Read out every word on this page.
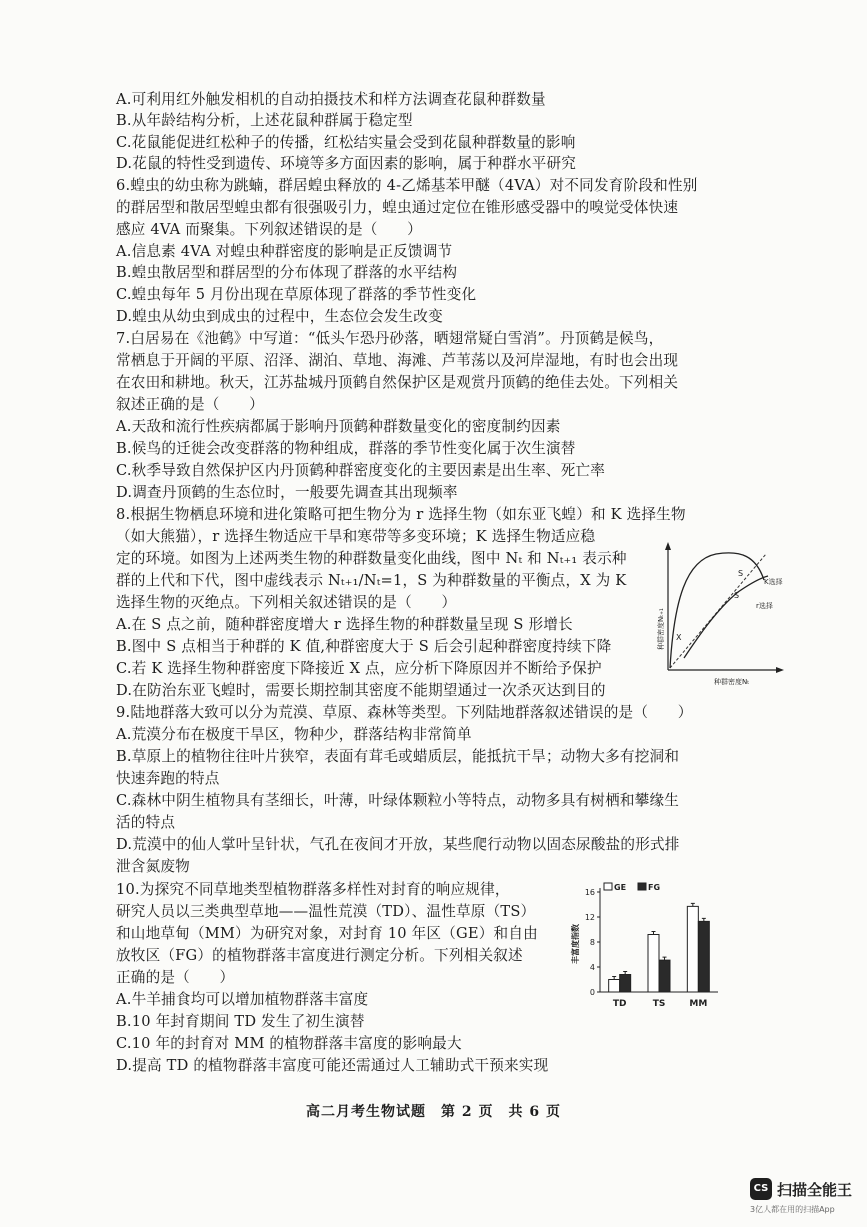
A.可利用红外触发相机的自动拍摄技术和样方法调查花鼠种群数量
B.从年龄结构分析，上述花鼠种群属于稳定型
C.花鼠能促进红松种子的传播，红松结实量会受到花鼠种群数量的影响
D.花鼠的特性受到遗传、环境等多方面因素的影响，属于种群水平研究
6.蝗虫的幼虫称为跳蝻，群居蝗虫释放的 4-乙烯基苯甲醚（4VA）对不同发育阶段和性别
的群居型和散居型蝗虫都有很强吸引力，蝗虫通过定位在锥形感受器中的嗅觉受体快速
感应 4VA 而聚集。下列叙述错误的是（　　）
A.信息素 4VA 对蝗虫种群密度的影响是正反馈调节
B.蝗虫散居型和群居型的分布体现了群落的水平结构
C.蝗虫每年 5 月份出现在草原体现了群落的季节性变化
D.蝗虫从幼虫到成虫的过程中，生态位会发生改变
7.白居易在《池鹤》中写道：“低头乍恐丹砂落，晒翅常疑白雪消”。丹顶鹤是候鸟，
常栖息于开阔的平原、沼泽、湖泊、草地、海滩、芦苇荡以及河岸湿地，有时也会出现
在农田和耕地。秋天，江苏盐城丹顶鹤自然保护区是观赏丹顶鹤的绝佳去处。下列相关
叙述正确的是（　　）
A.天敌和流行性疾病都属于影响丹顶鹤种群数量变化的密度制约因素
B.候鸟的迁徙会改变群落的物种组成，群落的季节性变化属于次生演替
C.秋季导致自然保护区内丹顶鹤种群密度变化的主要因素是出生率、死亡率
D.调查丹顶鹤的生态位时，一般要先调查其出现频率
8.根据生物栖息环境和进化策略可把生物分为 r 选择生物（如东亚飞蝗）和 K 选择生物
（如大熊猫），r 选择生物适应干旱和寒带等多变环境；K 选择生物适应稳
定的环境。如图为上述两类生物的种群数量变化曲线，图中 Nₜ 和 Nₜ₊₁ 表示种
群的上代和下代，图中虚线表示 Nₜ₊₁/Nₜ=1，S 为种群数量的平衡点，X 为 K
选择生物的灭绝点。下列相关叙述错误的是（　　）
A.在 S 点之前，随种群密度增大 r 选择生物的种群数量呈现 S 形增长
B.图中 S 点相当于种群的 K 值,种群密度大于 S 后会引起种群密度持续下降
C.若 K 选择生物种群密度下降接近 X 点，应分析下降原因并不断给予保护
D.在防治东亚飞蝗时，需要长期控制其密度不能期望通过一次杀灭达到目的
9.陆地群落大致可以分为荒漠、草原、森林等类型。下列陆地群落叙述错误的是（　　）
A.荒漠分布在极度干旱区，物种少，群落结构非常简单
B.草原上的植物往往叶片狭窄，表面有茸毛或蜡质层，能抵抗干旱；动物大多有挖洞和
快速奔跑的特点
C.森林中阴生植物具有茎细长，叶薄，叶绿体颗粒小等特点，动物多具有树栖和攀缘生
活的特点
D.荒漠中的仙人掌叶呈针状，气孔在夜间才开放，某些爬行动物以固态尿酸盐的形式排
泄含氮废物
10.为探究不同草地类型植物群落多样性对封育的响应规律，
研究人员以三类典型草地——温性荒漠（TD）、温性草原（TS）
和山地草甸（MM）为研究对象，对封育 10 年区（GE）和自由
放牧区（FG）的植物群落丰富度进行测定分析。下列相关叙述
正确的是（　　）
A.牛羊捕食均可以增加植物群落丰富度
B.10 年封育期间 TD 发生了初生演替
C.10 年的封育对 MM 的植物群落丰富度的影响最大
D.提高 TD 的植物群落丰富度可能还需通过人工辅助式干预来实现
种群密度Nₜ₊₁
种群密度Nₜ
S
S
K选择
r选择
X
丰富度指数
0
4
8
12
16
TD	TS	MM
GE	FG
高二月考生物试题　第 2 页　共 6 页
CS 扫描全能王
3亿人都在用的扫描App
